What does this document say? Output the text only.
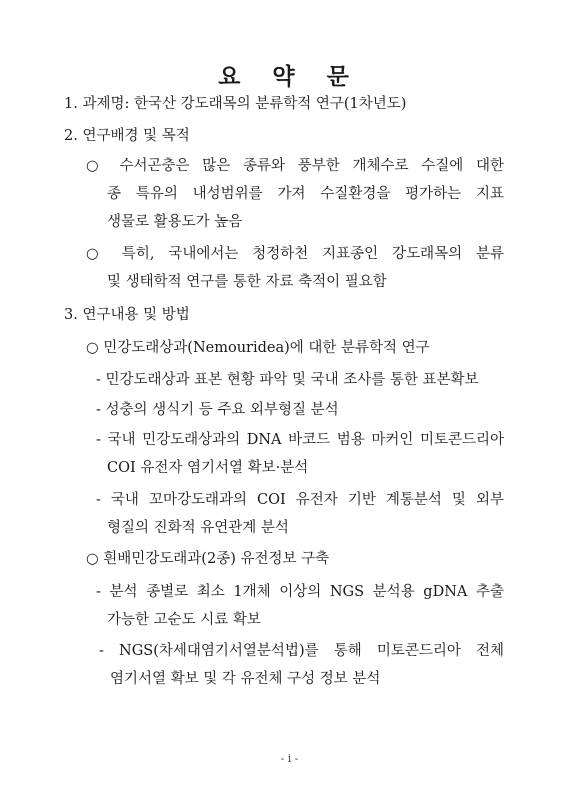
요 약 문
1. 과제명: 한국산 강도래목의 분류학적 연구(1차년도)
2. 연구배경 및 목적
○ 수서곤충은 많은 종류와 풍부한 개체수로 수질에 대한
종 특유의 내성범위를 가져 수질환경을 평가하는 지표
생물로 활용도가 높음
○ 특히, 국내에서는 청정하천 지표종인 강도래목의 분류
및 생태학적 연구를 통한 자료 축적이 필요함
3. 연구내용 및 방법
○ 민강도래상과(Nemouridea)에 대한 분류학적 연구
- 민강도래상과 표본 현황 파악 및 국내 조사를 통한 표본확보
- 성충의 생식기 등 주요 외부형질 분석
- 국내 민강도래상과의 DNA 바코드 범용 마커인 미토콘드리아
COI 유전자 염기서열 확보·분석
- 국내 꼬마강도래과의 COI 유전자 기반 계통분석 및 외부
형질의 진화적 유연관계 분석
○ 흰배민강도래과(2종) 유전정보 구축
- 분석 종별로 최소 1개체 이상의 NGS 분석용 gDNA 추출
가능한 고순도 시료 확보
- NGS(차세대염기서열분석법)를 통해 미토콘드리아 전체
염기서열 확보 및 각 유전체 구성 정보 분석
- i -
